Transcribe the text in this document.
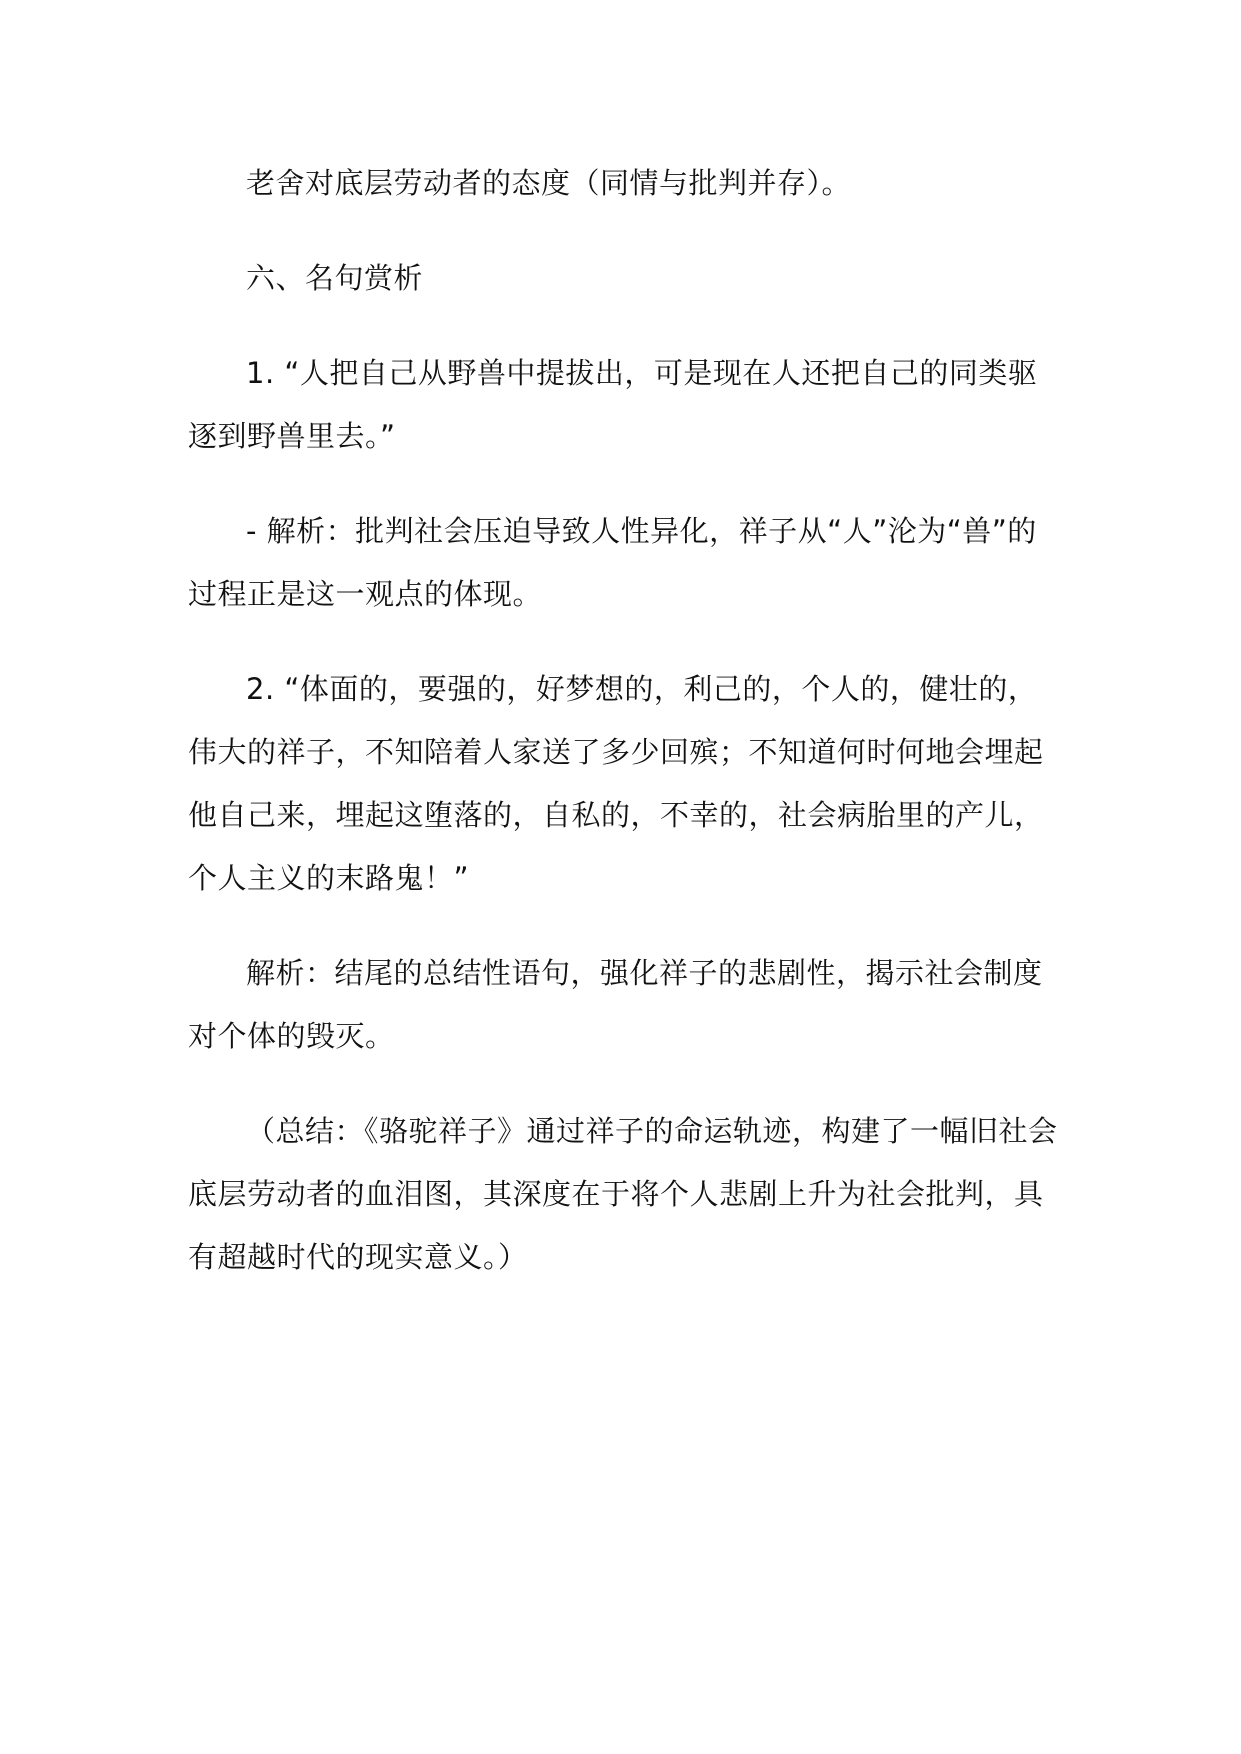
老舍对底层劳动者的态度（同情与批判并存）。

六、名句赏析

1. “人把自己从野兽中提拔出，可是现在人还把自己的同类驱逐到野兽里去。”

- 解析：批判社会压迫导致人性异化，祥子从“人”沦为“兽”的过程正是这一观点的体现。

2. “体面的，要强的，好梦想的，利己的，个人的，健壮的，伟大的祥子，不知陪着人家送了多少回殡；不知道何时何地会埋起他自己来，埋起这堕落的，自私的，不幸的，社会病胎里的产儿，个人主义的末路鬼！”

解析：结尾的总结性语句，强化祥子的悲剧性，揭示社会制度对个体的毁灭。

（总结：《骆驼祥子》通过祥子的命运轨迹，构建了一幅旧社会底层劳动者的血泪图，其深度在于将个人悲剧上升为社会批判，具有超越时代的现实意义。）
